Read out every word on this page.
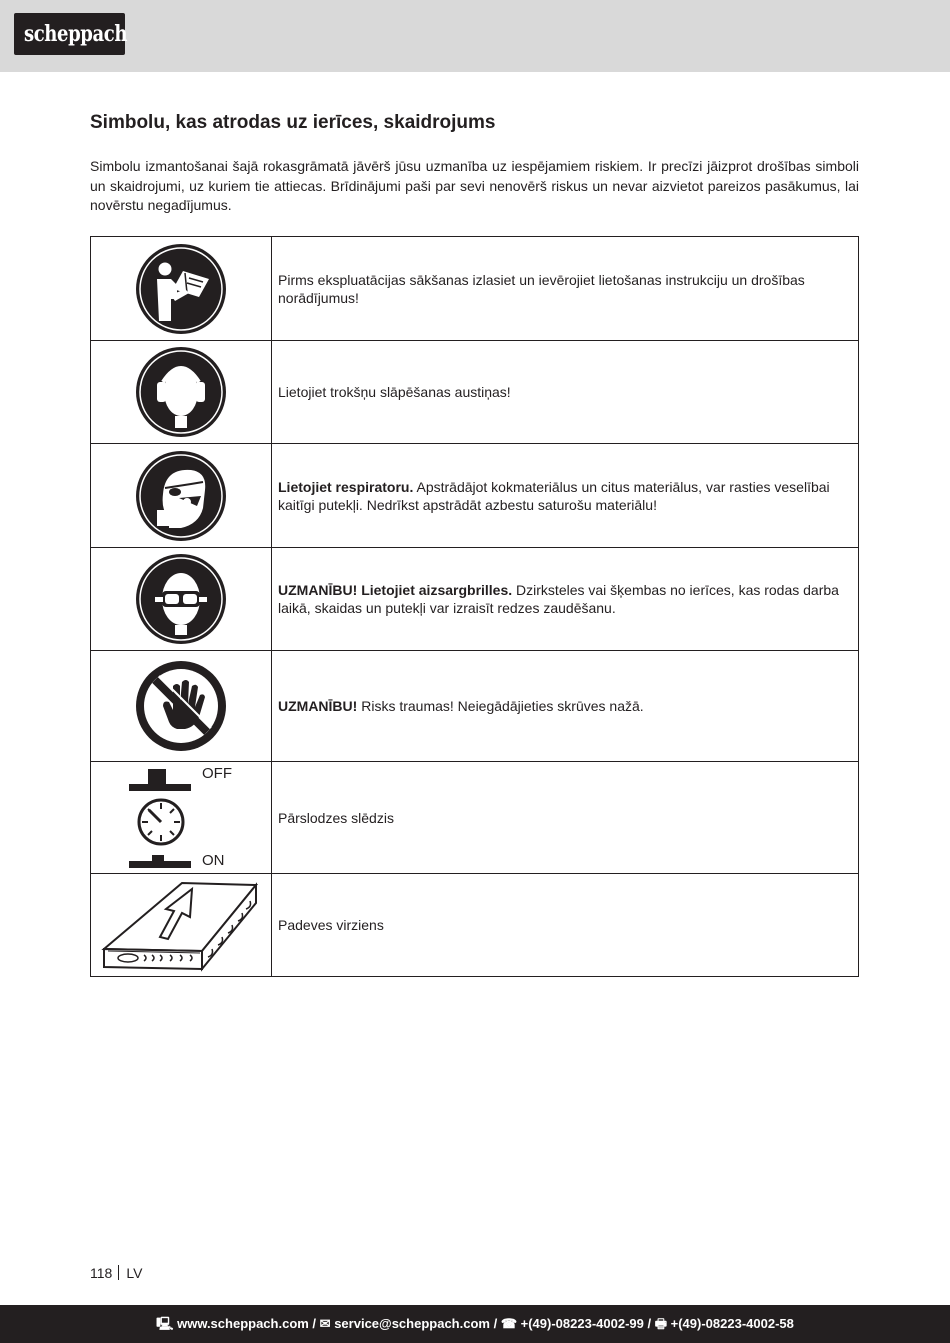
scheppach
Simbolu, kas atrodas uz ierīces, skaidrojums

Simbolu izmantošanai šajā rokasgrāmatā jāvērš jūsu uzmanība uz iespējamiem riskiem. Ir precīzi jāizprot drošības simboli un skaidrojumi, uz kuriem tie attiecas. Brīdinājumi paši par sevi nenovērš riskus un nevar aizvietot pareizos pasākumus, lai novērstu negadījumus.

	Pirms ekspluatācijas sākšanas izlasiet un ievērojiet lietošanas instrukciju un drošības norādījumus!

	Lietojiet trokšņu slāpēšanas austiņas!

	Lietojiet respiratoru. Apstrādājot kokmateriālus un citus materiālus, var rasties veselībai kaitīgi putekļi. Nedrīkst apstrādāt azbestu saturošu materiālu!

	UZMANĪBU! Lietojiet aizsargbrilles. Dzirksteles vai šķembas no ierīces, kas rodas darba laikā, skaidas un putekļi var izraisīt redzes zaudēšanu.

	UZMANĪBU! Risks traumas! Neiegādājieties skrūves nažā.

OFF
ON	Pārslodzes slēdzis

	Padeves virziens
118 LV
🖳︎ www.scheppach.com / ✉︎ service@scheppach.com / ☎︎ +(49)-08223-4002-99 / 🖶︎ +(49)-08223-4002-58
